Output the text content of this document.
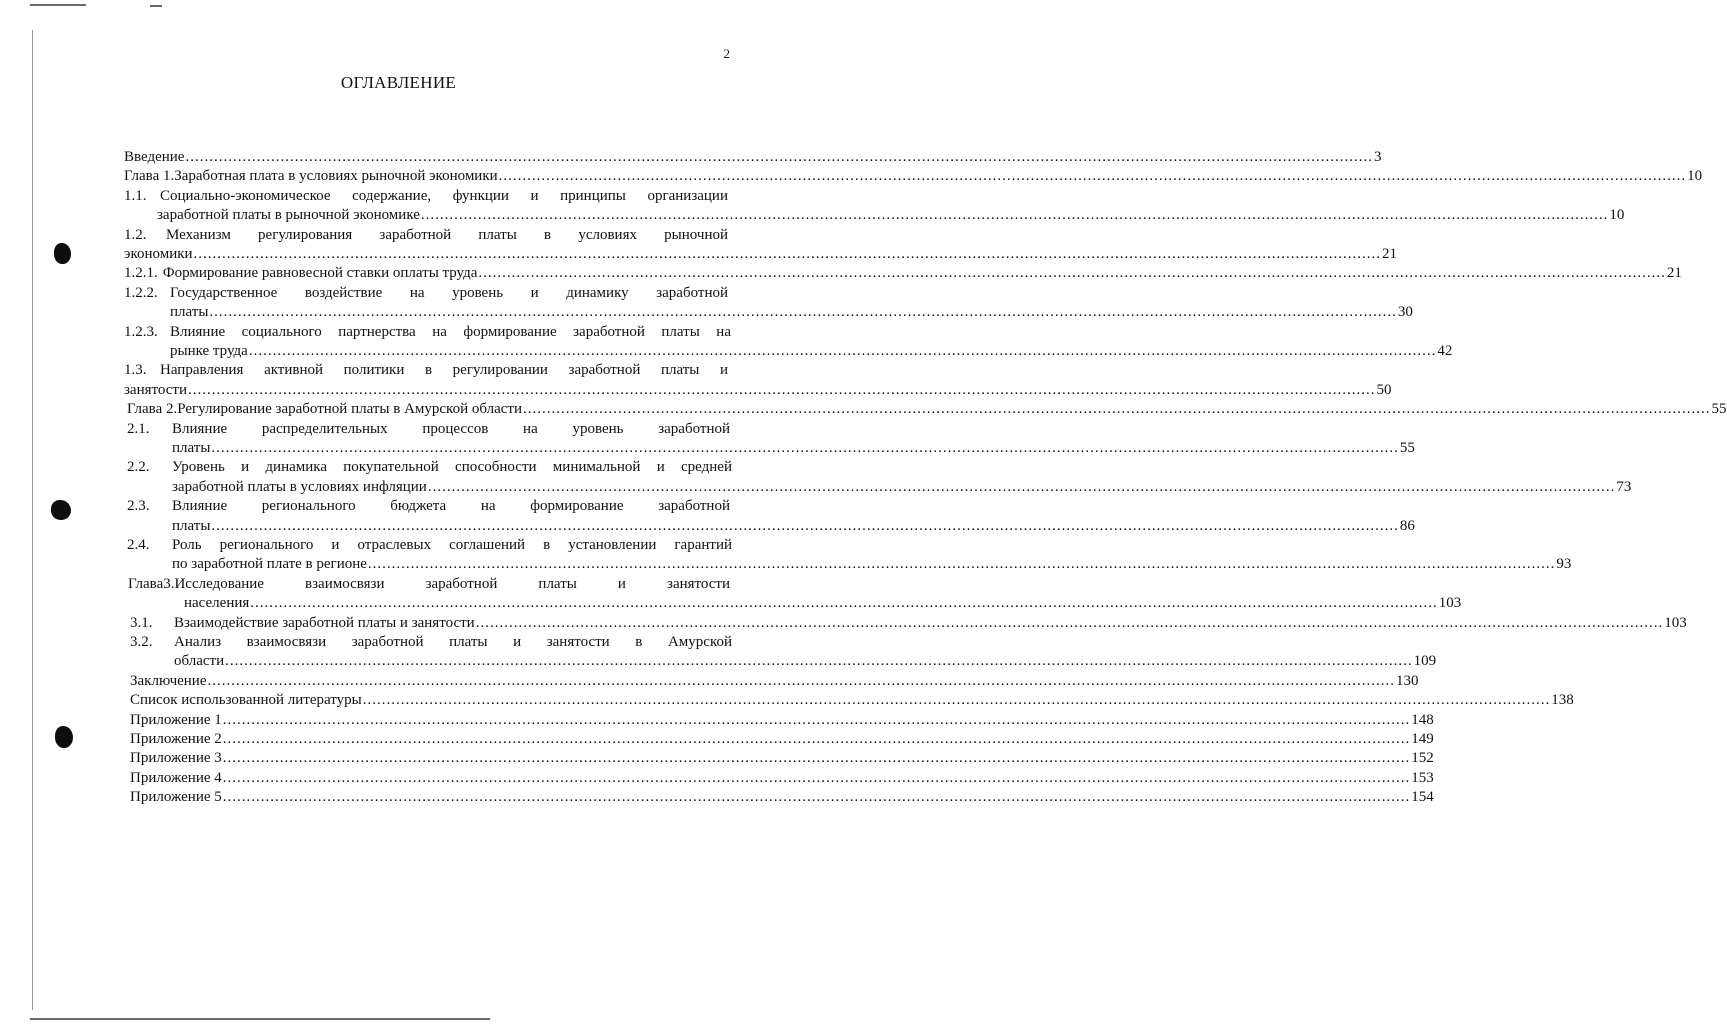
2
ОГЛАВЛЕНИЕ
Введение .......................................................................................................................................................................................................................................................... 3
Глава 1.Заработная плата в условиях рыночной экономики .......................................................................................................................................................................................................................................................... 10
1.1. Социально-экономическое содержание, функции и принципы организации
заработной платы в рыночной экономике .......................................................................................................................................................................................................................................................... 10
1.2. Механизм регулирования заработной платы в условиях рыночной
экономики .......................................................................................................................................................................................................................................................... 21
1.2.1. Формирование равновесной ставки оплаты труда .......................................................................................................................................................................................................................................................... 21
1.2.2. Государственное воздействие на уровень и динамику заработной
платы .......................................................................................................................................................................................................................................................... 30
1.2.3. Влияние социального партнерства на формирование заработной платы на
рынке труда .......................................................................................................................................................................................................................................................... 42
1.3. Направления активной политики в регулировании заработной платы и
занятости .......................................................................................................................................................................................................................................................... 50
Глава 2.Регулирование заработной платы в Амурской области .......................................................................................................................................................................................................................................................... 55
2.1. Влияние распределительных процессов на уровень заработной
платы .......................................................................................................................................................................................................................................................... 55
2.2. Уровень и динамика покупательной способности минимальной и средней
заработной платы в условиях инфляции .......................................................................................................................................................................................................................................................... 73
2.3. Влияние регионального бюджета на формирование заработной
платы .......................................................................................................................................................................................................................................................... 86
2.4. Роль регионального и отраслевых соглашений в установлении гарантий
по заработной плате в регионе .......................................................................................................................................................................................................................................................... 93
Глава3.Исследование взаимосвязи заработной платы и занятости
населения .......................................................................................................................................................................................................................................................... 103
3.1. Взаимодействие заработной платы и занятости .......................................................................................................................................................................................................................................................... 103
3.2. Анализ взаимосвязи заработной платы и занятости в Амурской
области .......................................................................................................................................................................................................................................................... 109
Заключение .......................................................................................................................................................................................................................................................... 130
Список использованной литературы .......................................................................................................................................................................................................................................................... 138
Приложение 1 .......................................................................................................................................................................................................................................................... 148
Приложение 2 .......................................................................................................................................................................................................................................................... 149
Приложение 3 .......................................................................................................................................................................................................................................................... 152
Приложение 4 .......................................................................................................................................................................................................................................................... 153
Приложение 5 .......................................................................................................................................................................................................................................................... 154
